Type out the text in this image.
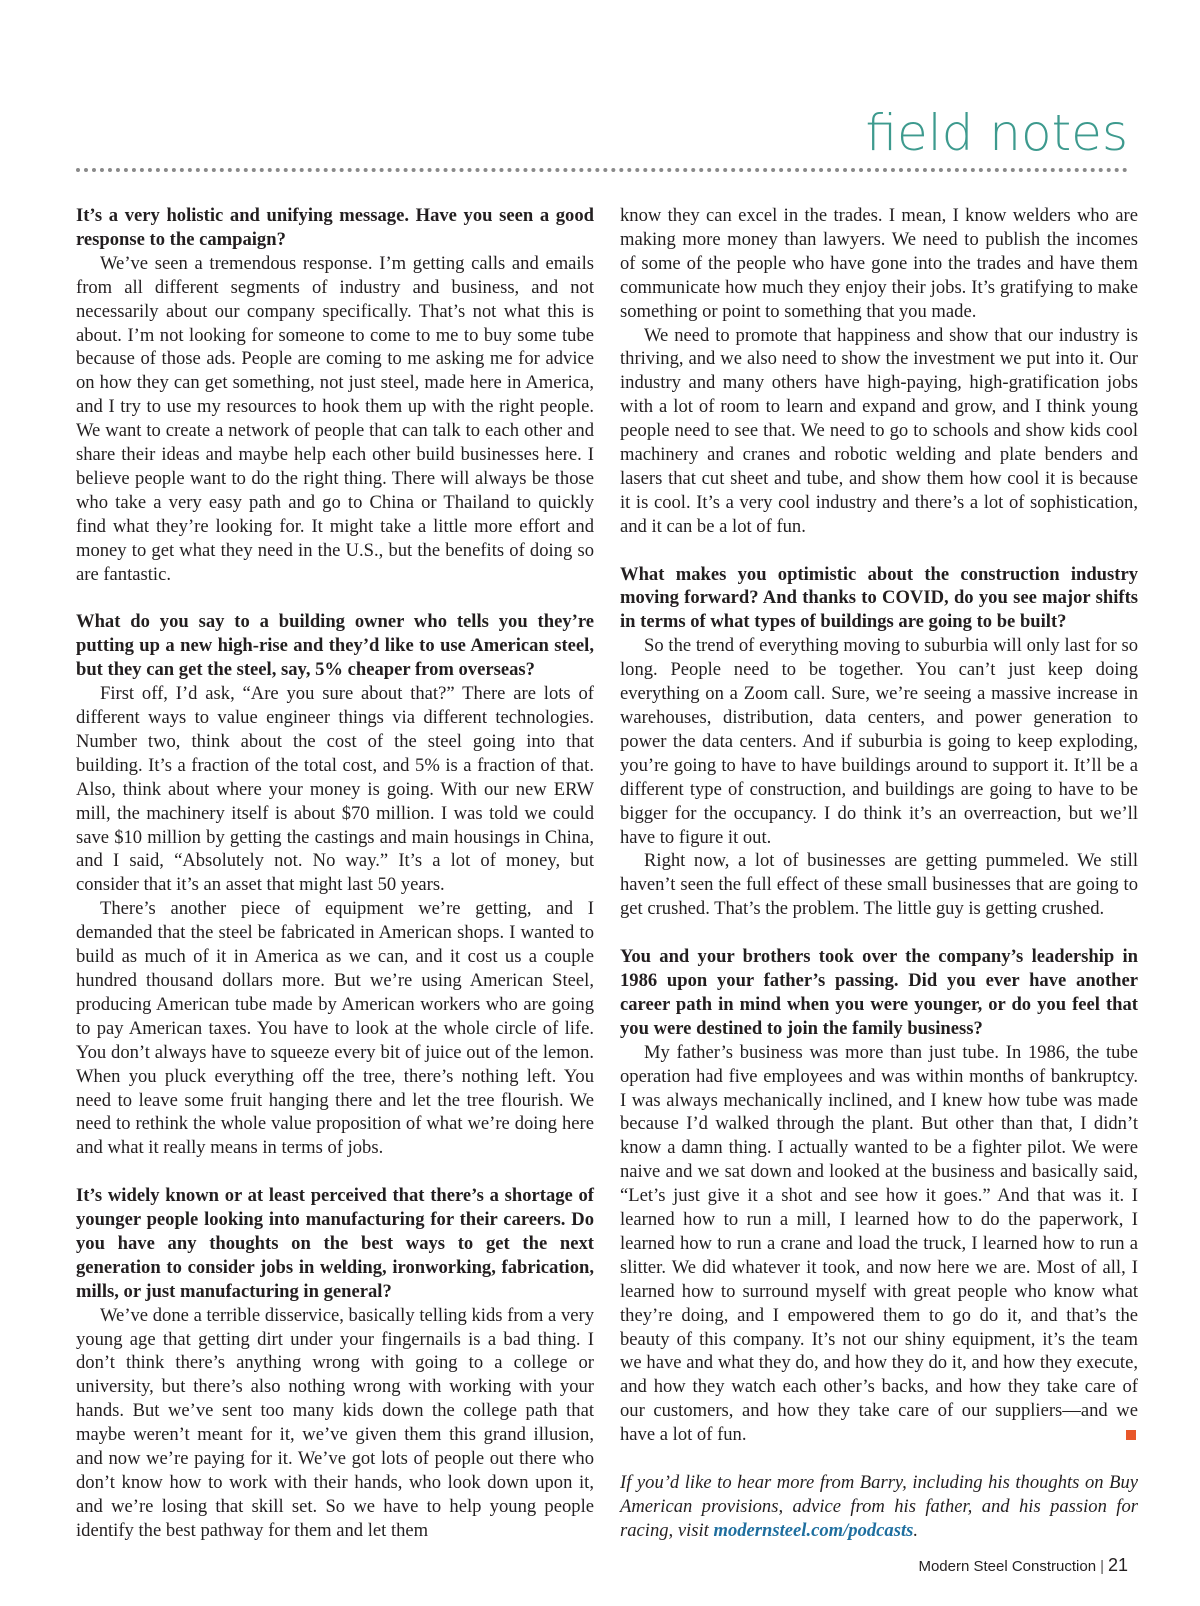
field notes

It’s a very holistic and unifying message. Have you seen a good response to the campaign?

We’ve seen a tremendous response. I’m getting calls and emails from all different segments of industry and business, and not necessarily about our company specifically. That’s not what this is about. I’m not looking for someone to come to me to buy some tube because of those ads. People are coming to me asking me for advice on how they can get something, not just steel, made here in America, and I try to use my resources to hook them up with the right people. We want to create a network of people that can talk to each other and share their ideas and maybe help each other build businesses here. I believe people want to do the right thing. There will always be those who take a very easy path and go to China or Thailand to quickly find what they’re looking for. It might take a little more effort and money to get what they need in the U.S., but the benefits of doing so are fantastic.

What do you say to a building owner who tells you they’re putting up a new high-rise and they’d like to use American steel, but they can get the steel, say, 5% cheaper from overseas?

First off, I’d ask, “Are you sure about that?” There are lots of different ways to value engineer things via different technologies. Number two, think about the cost of the steel going into that building. It’s a fraction of the total cost, and 5% is a fraction of that. Also, think about where your money is going. With our new ERW mill, the machinery itself is about $70 million. I was told we could save $10 million by getting the castings and main housings in China, and I said, “Absolutely not. No way.” It’s a lot of money, but consider that it’s an asset that might last 50 years.

There’s another piece of equipment we’re getting, and I demanded that the steel be fabricated in American shops. I wanted to build as much of it in America as we can, and it cost us a couple hundred thousand dollars more. But we’re using American Steel, producing American tube made by American workers who are going to pay American taxes. You have to look at the whole circle of life. You don’t always have to squeeze every bit of juice out of the lemon. When you pluck everything off the tree, there’s nothing left. You need to leave some fruit hanging there and let the tree flourish. We need to rethink the whole value proposition of what we’re doing here and what it really means in terms of jobs.

It’s widely known or at least perceived that there’s a shortage of younger people looking into manufacturing for their careers. Do you have any thoughts on the best ways to get the next generation to consider jobs in welding, ironworking, fabrication, mills, or just manufacturing in general?

We’ve done a terrible disservice, basically telling kids from a very young age that getting dirt under your fingernails is a bad thing. I don’t think there’s anything wrong with going to a college or university, but there’s also nothing wrong with working with your hands. But we’ve sent too many kids down the college path that maybe weren’t meant for it, we’ve given them this grand illusion, and now we’re paying for it. We’ve got lots of people out there who don’t know how to work with their hands, who look down upon it, and we’re losing that skill set. So we have to help young people identify the best pathway for them and let them

know they can excel in the trades. I mean, I know welders who are making more money than lawyers. We need to publish the incomes of some of the people who have gone into the trades and have them communicate how much they enjoy their jobs. It’s gratifying to make something or point to something that you made.

We need to promote that happiness and show that our industry is thriving, and we also need to show the investment we put into it. Our industry and many others have high-paying, high-gratification jobs with a lot of room to learn and expand and grow, and I think young people need to see that. We need to go to schools and show kids cool machinery and cranes and robotic welding and plate benders and lasers that cut sheet and tube, and show them how cool it is because it is cool. It’s a very cool industry and there’s a lot of sophistication, and it can be a lot of fun.

What makes you optimistic about the construction industry moving forward? And thanks to COVID, do you see major shifts in terms of what types of buildings are going to be built?

So the trend of everything moving to suburbia will only last for so long. People need to be together. You can’t just keep doing everything on a Zoom call. Sure, we’re seeing a massive increase in warehouses, distribution, data centers, and power generation to power the data centers. And if suburbia is going to keep exploding, you’re going to have to have buildings around to support it. It’ll be a different type of construction, and buildings are going to have to be bigger for the occupancy. I do think it’s an overreaction, but we’ll have to figure it out.

Right now, a lot of businesses are getting pummeled. We still haven’t seen the full effect of these small businesses that are going to get crushed. That’s the problem. The little guy is getting crushed.

You and your brothers took over the company’s leadership in 1986 upon your father’s passing. Did you ever have another career path in mind when you were younger, or do you feel that you were destined to join the family business?

My father’s business was more than just tube. In 1986, the tube operation had five employees and was within months of bankruptcy. I was always mechanically inclined, and I knew how tube was made because I’d walked through the plant. But other than that, I didn’t know a damn thing. I actually wanted to be a fighter pilot. We were naive and we sat down and looked at the business and basically said, “Let’s just give it a shot and see how it goes.” And that was it. I learned how to run a mill, I learned how to do the paperwork, I learned how to run a crane and load the truck, I learned how to run a slitter. We did whatever it took, and now here we are. Most of all, I learned how to surround myself with great people who know what they’re doing, and I empowered them to go do it, and that’s the beauty of this company. It’s not our shiny equipment, it’s the team we have and what they do, and how they do it, and how they execute, and how they watch each other’s backs, and how they take care of our customers, and how they take care of our suppliers—and we have a lot of fun.

If you’d like to hear more from Barry, including his thoughts on Buy American provisions, advice from his father, and his passion for racing, visit modernsteel.com/podcasts.

Modern Steel Construction | 21
